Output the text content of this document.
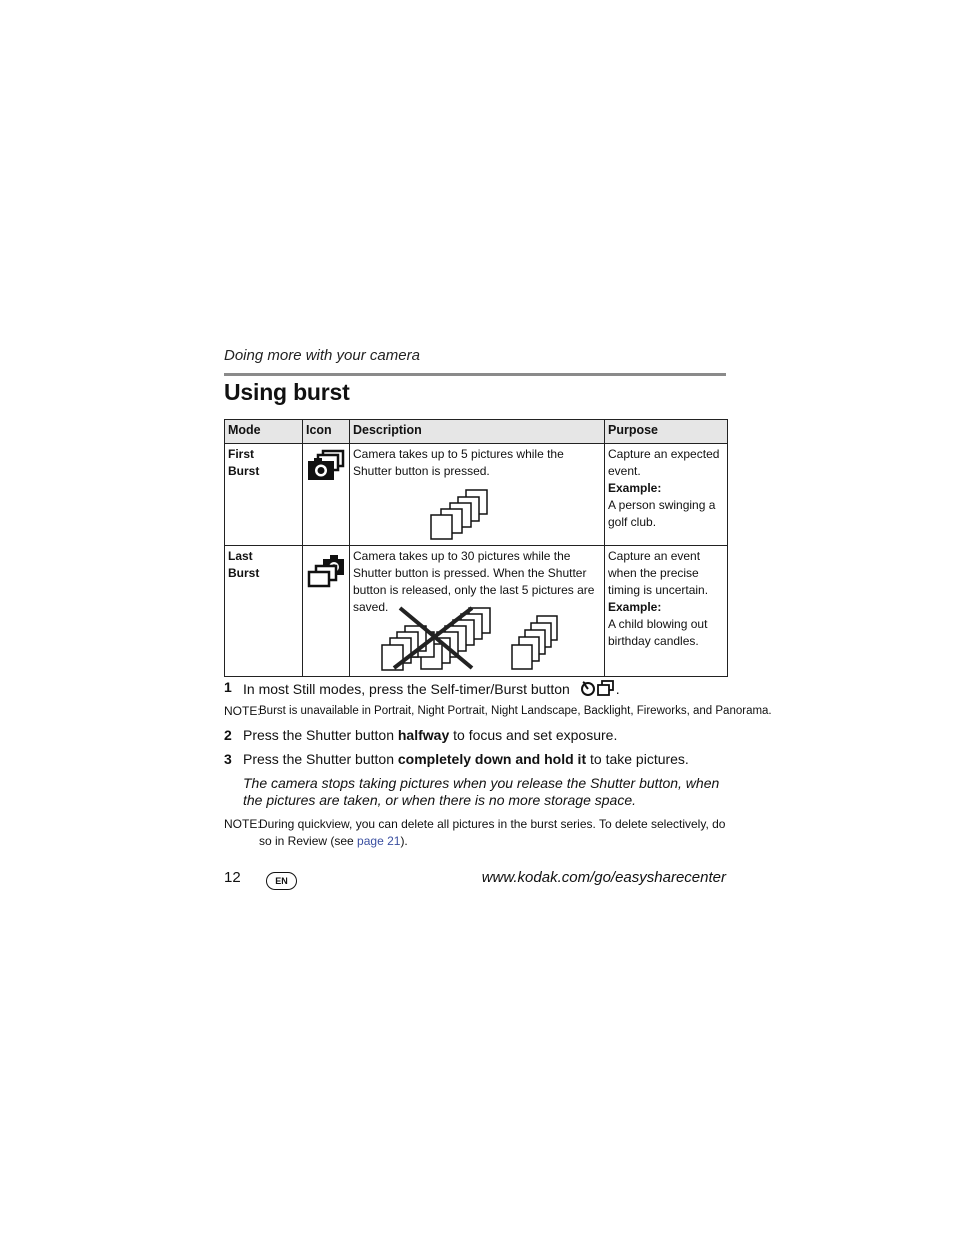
Doing more with your camera
Using burst
Mode	Icon	Description	Purpose
First
Burst		Camera takes up to 5 pictures while the Shutter button is pressed.	Capture an expected event.
Example:
A person swinging a golf club.
Last
Burst		Camera takes up to 30 pictures while the Shutter button is pressed. When the Shutter button is released, only the last 5 pictures are saved.	Capture an event when the precise timing is uncertain.
Example:
A child blowing out birthday candles.
1 In most Still modes, press the Self-timer/Burst button	.
NOTE:
Burst is unavailable in Portrait, Night Portrait, Night Landscape, Backlight, Fireworks, and Panorama.
2 Press the Shutter button halfway to focus and set exposure.
3 Press the Shutter button completely down and hold it to take pictures.
The camera stops taking pictures when you release the Shutter button, when the pictures are taken, or when there is no more storage space.
NOTE:
During quickview, you can delete all pictures in the burst series. To delete selectively, do so in Review (see page 21).
12	EN	www.kodak.com/go/easysharecenter
